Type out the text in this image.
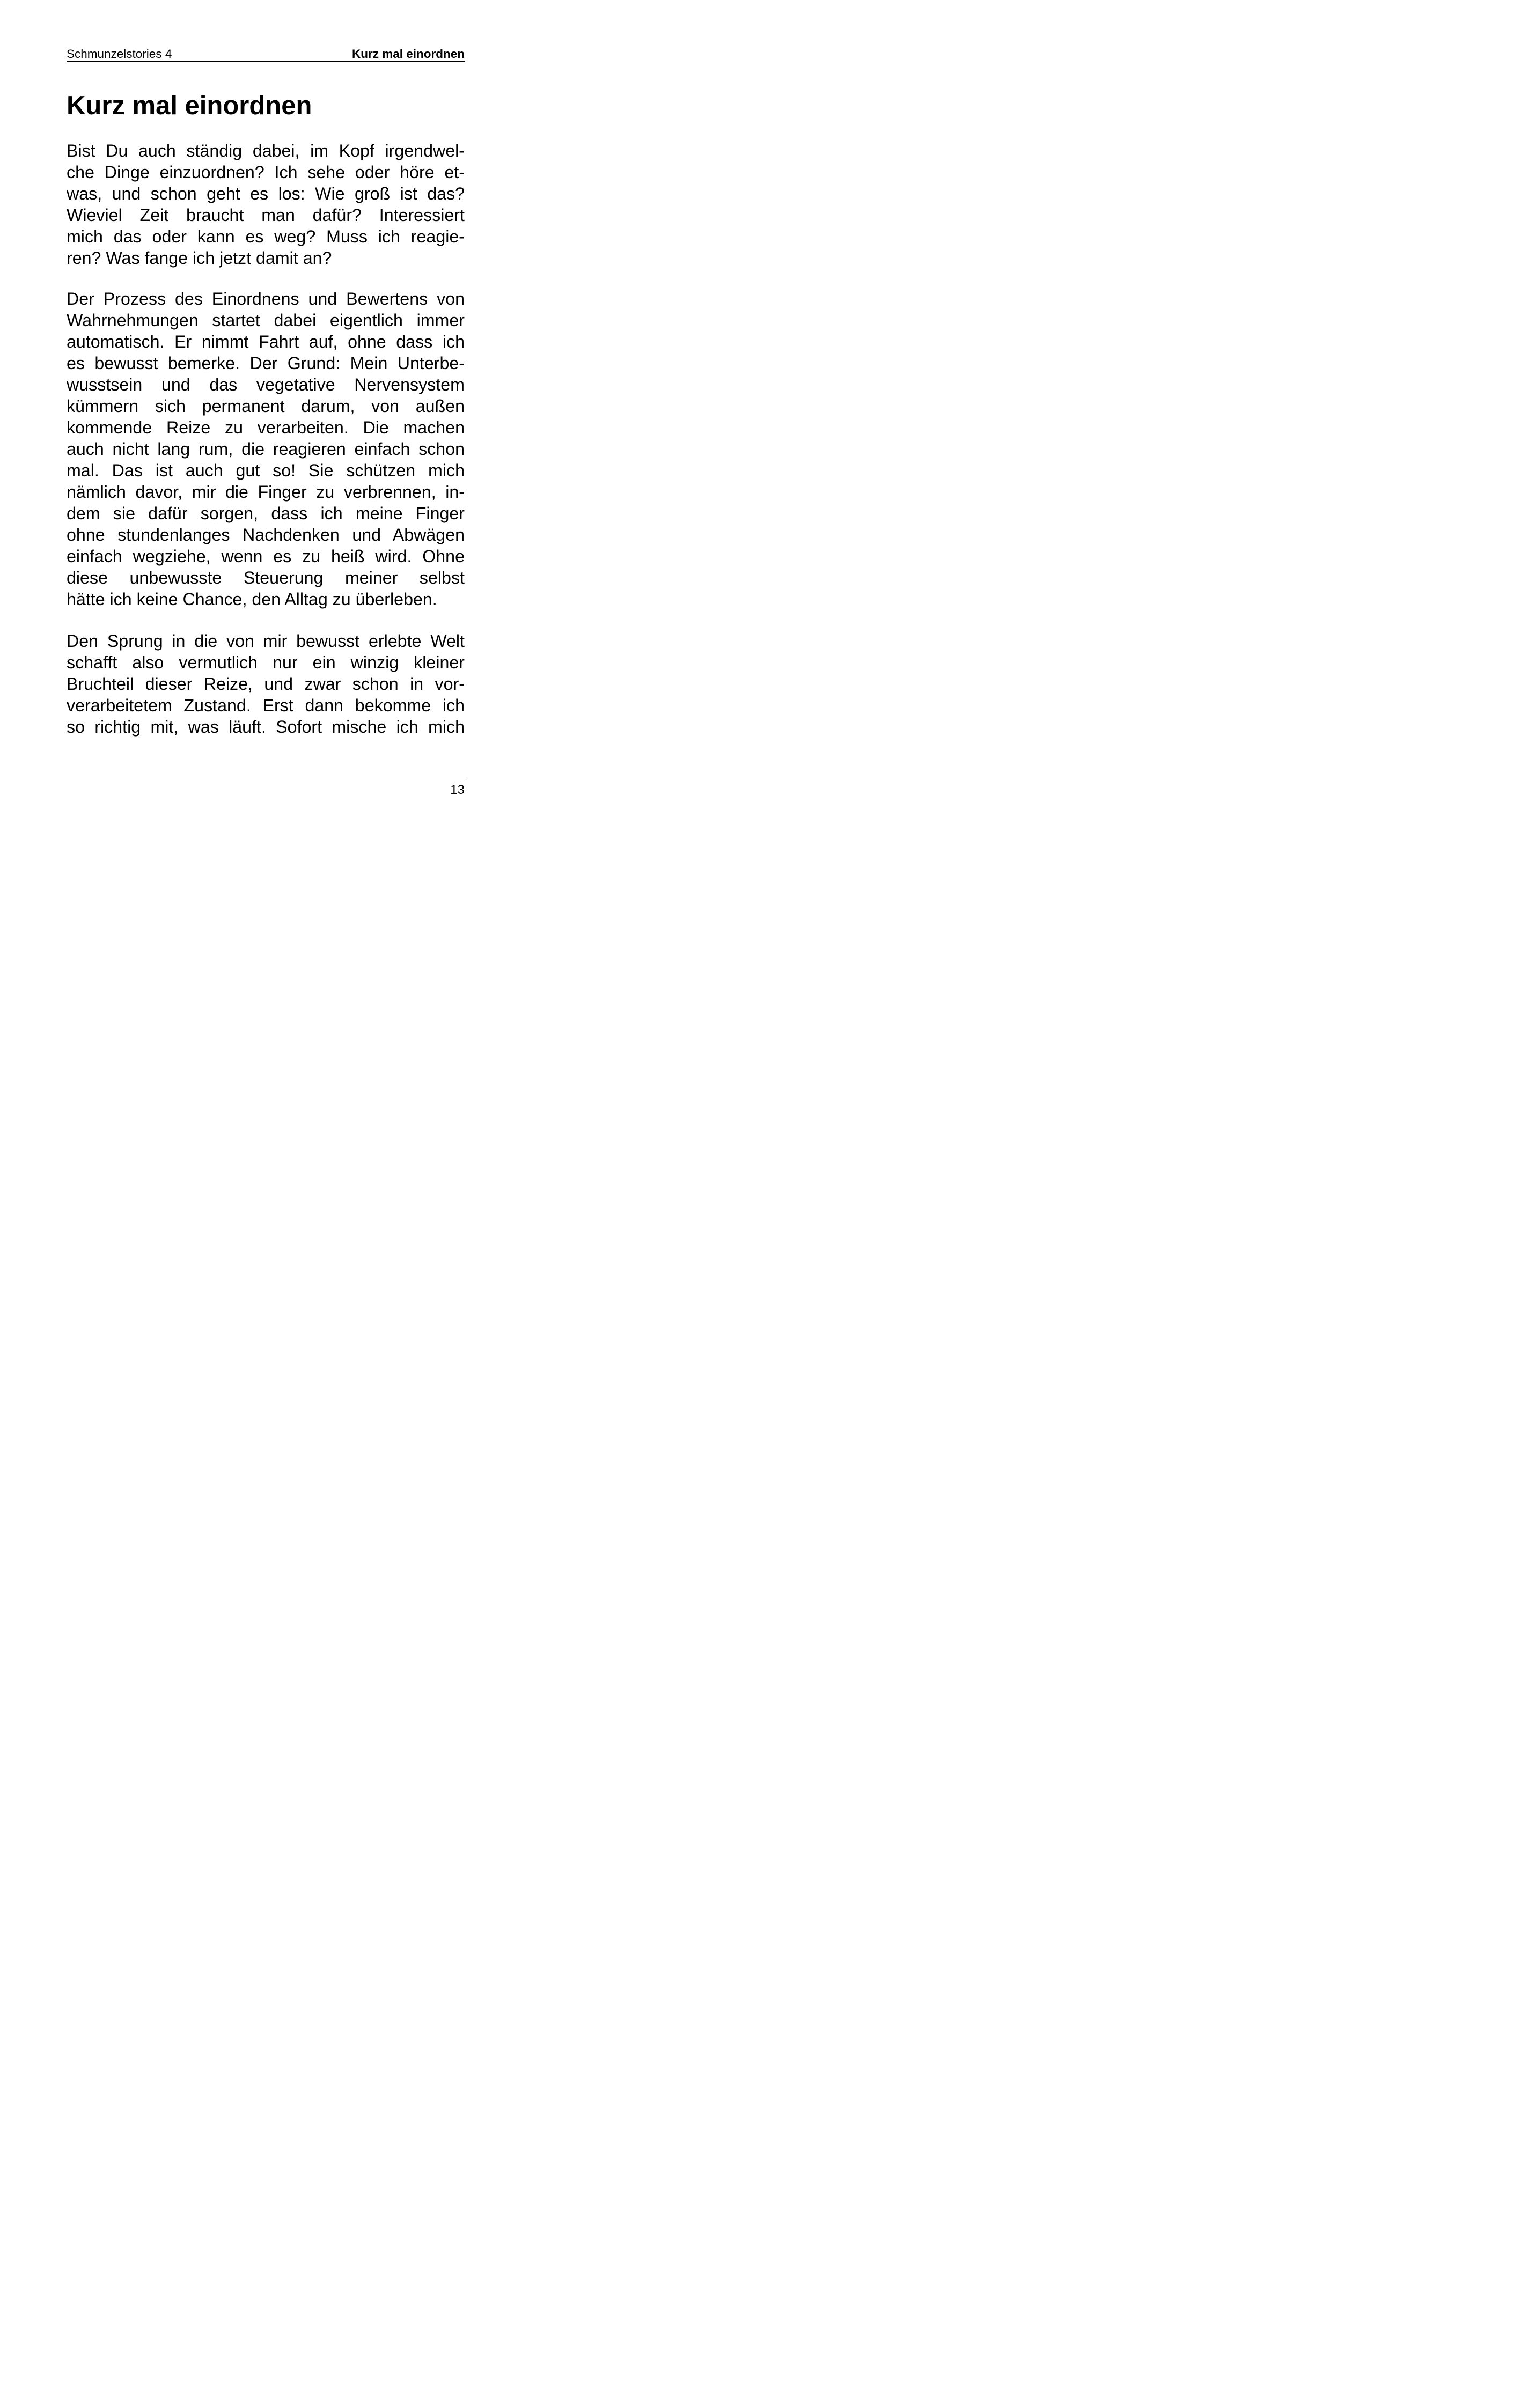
Schmunzelstories 4	Kurz mal einordnen
Kurz mal einordnen
Bist Du auch ständig dabei, im Kopf irgendwel-
che Dinge einzuordnen? Ich sehe oder höre et-
was, und schon geht es los: Wie groß ist das?
Wieviel Zeit braucht man dafür? Interessiert
mich das oder kann es weg? Muss ich reagie-
ren? Was fange ich jetzt damit an?
Der Prozess des Einordnens und Bewertens von
Wahrnehmungen startet dabei eigentlich immer
automatisch. Er nimmt Fahrt auf, ohne dass ich
es bewusst bemerke. Der Grund: Mein Unterbe-
wusstsein und das vegetative Nervensystem
kümmern sich permanent darum, von außen
kommende Reize zu verarbeiten. Die machen
auch nicht lang rum, die reagieren einfach schon
mal. Das ist auch gut so! Sie schützen mich
nämlich davor, mir die Finger zu verbrennen, in-
dem sie dafür sorgen, dass ich meine Finger
ohne stundenlanges Nachdenken und Abwägen
einfach wegziehe, wenn es zu heiß wird. Ohne
diese unbewusste Steuerung meiner selbst
hätte ich keine Chance, den Alltag zu überleben.
Den Sprung in die von mir bewusst erlebte Welt
schafft also vermutlich nur ein winzig kleiner
Bruchteil dieser Reize, und zwar schon in vor-
verarbeitetem Zustand. Erst dann bekomme ich
so richtig mit, was läuft. Sofort mische ich mich
13
